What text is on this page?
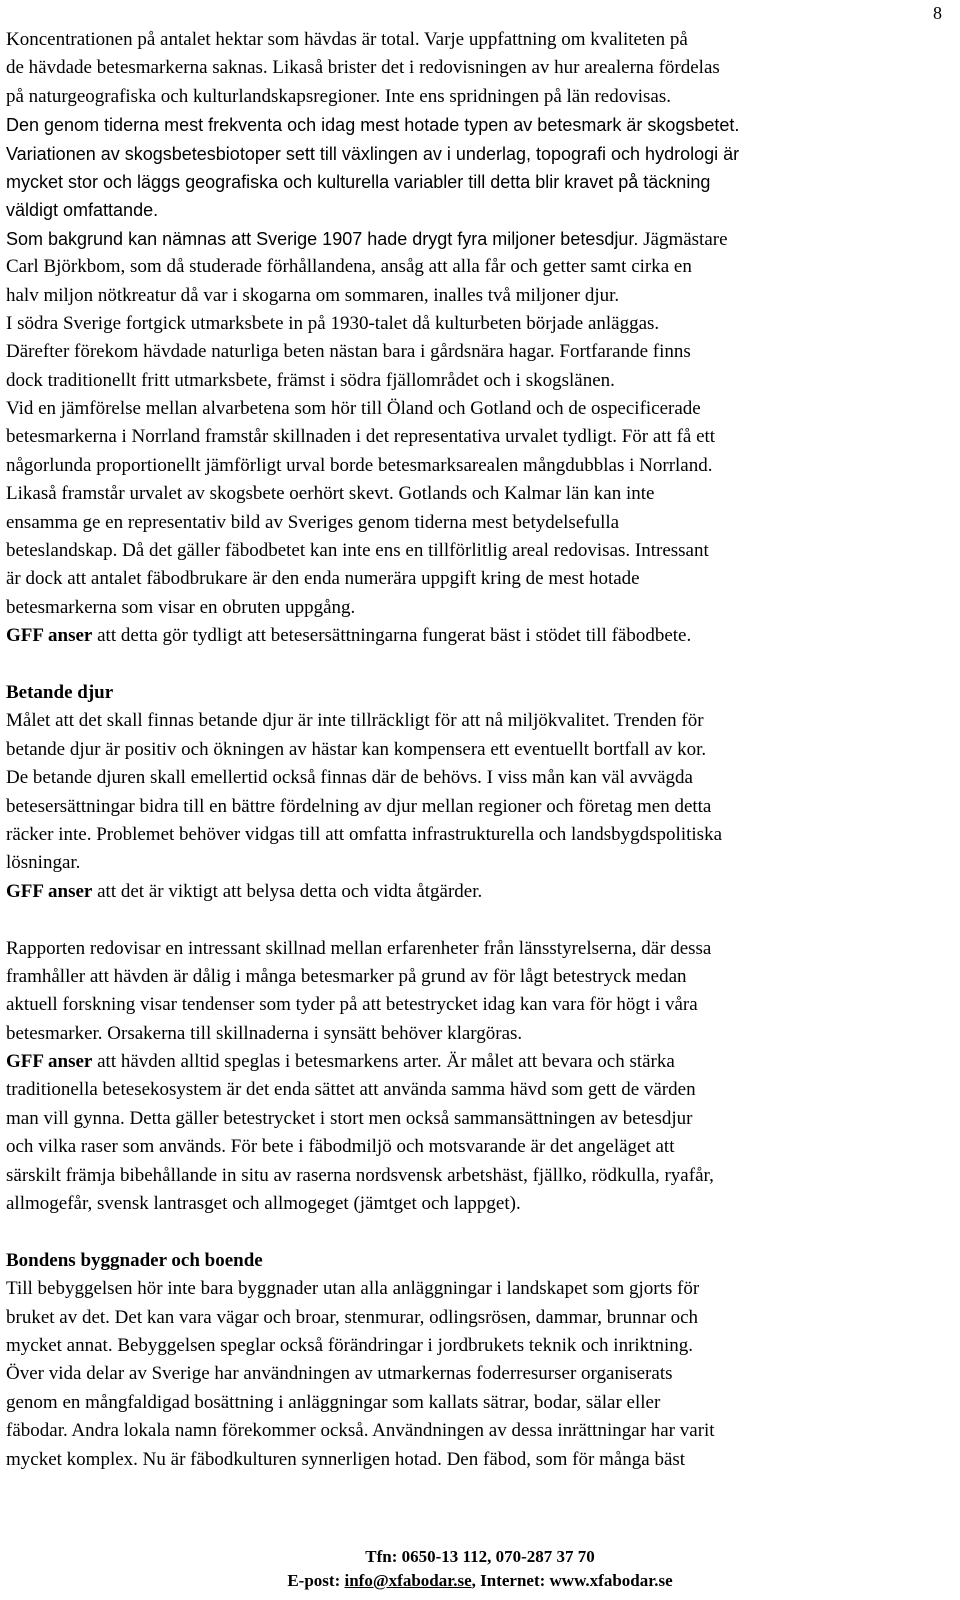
8
Koncentrationen på antalet hektar som hävdas är total. Varje uppfattning om kvaliteten på
de hävdade betesmarkerna saknas. Likaså brister det i redovisningen av hur arealerna fördelas
på naturgeografiska och kulturlandskapsregioner. Inte ens spridningen på län redovisas.
Den genom tiderna mest frekventa och idag mest hotade typen av betesmark är skogsbetet.
Variationen av skogsbetesbiotoper sett till växlingen av i underlag, topografi och hydrologi är
mycket stor och läggs geografiska och kulturella variabler till detta blir kravet på täckning
väldigt omfattande.
Som bakgrund kan nämnas att Sverige 1907 hade drygt fyra miljoner betesdjur. Jägmästare
Carl Björkbom, som då studerade förhållandena, ansåg att alla får och getter samt cirka en
halv miljon nötkreatur då var i skogarna om sommaren, inalles två miljoner djur.
I södra Sverige fortgick utmarksbete in på 1930-talet då kulturbeten började anläggas.
Därefter förekom hävdade naturliga beten nästan bara i gårdsnära hagar. Fortfarande finns
dock traditionellt fritt utmarksbete, främst i södra fjällområdet och i skogslänen.
Vid en jämförelse mellan alvarbetena som hör till Öland och Gotland och de ospecificerade
betesmarkerna i Norrland framstår skillnaden i det representativa urvalet tydligt. För att få ett
någorlunda proportionellt jämförligt urval borde betesmarksarealen mångdubblas i Norrland.
Likaså framstår urvalet av skogsbete oerhört skevt. Gotlands och Kalmar län kan inte
ensamma ge en representativ bild av Sveriges genom tiderna mest betydelsefulla
beteslandskap. Då det gäller fäbodbetet kan inte ens en tillförlitlig areal redovisas. Intressant
är dock att antalet fäbodbrukare är den enda numerära uppgift kring de mest hotade
betesmarkerna som visar en obruten uppgång.
GFF anser att detta gör tydligt att betesersättningarna fungerat bäst i stödet till fäbodbete.
Betande djur
Målet att det skall finnas betande djur är inte tillräckligt för att nå miljökvalitet. Trenden för
betande djur är positiv och ökningen av hästar kan kompensera ett eventuellt bortfall av kor.
De betande djuren skall emellertid också finnas där de behövs. I viss mån kan väl avvägda
betesersättningar bidra till en bättre fördelning av djur mellan regioner och företag men detta
räcker inte. Problemet behöver vidgas till att omfatta infrastrukturella och landsbygdspolitiska
lösningar.
GFF anser att det är viktigt att belysa detta och vidta åtgärder.
Rapporten redovisar en intressant skillnad mellan erfarenheter från länsstyrelserna, där dessa
framhåller att hävden är dålig i många betesmarker på grund av för lågt betestryck medan
aktuell forskning visar tendenser som tyder på att betestrycket idag kan vara för högt i våra
betesmarker. Orsakerna till skillnaderna i synsätt behöver klargöras.
GFF anser att hävden alltid speglas i betesmarkens arter. Är målet att bevara och stärka
traditionella betesekosystem är det enda sättet att använda samma hävd som gett de värden
man vill gynna. Detta gäller betestrycket i stort men också sammansättningen av betesdjur
och vilka raser som används. För bete i fäbodmiljö och motsvarande är det angeläget att
särskilt främja bibehållande in situ av raserna nordsvensk arbetshäst, fjällko, rödkulla, ryafår,
allmogefår, svensk lantrasget och allmogeget (jämtget och lappget).
Bondens byggnader och boende
Till bebyggelsen hör inte bara byggnader utan alla anläggningar i landskapet som gjorts för
bruket av det. Det kan vara vägar och broar, stenmurar, odlingsrösen, dammar, brunnar och
mycket annat. Bebyggelsen speglar också förändringar i jordbrukets teknik och inriktning.
Över vida delar av Sverige har användningen av utmarkernas foderresurser organiserats
genom en mångfaldigad bosättning i anläggningar som kallats sätrar, bodar, sälar eller
fäbodar. Andra lokala namn förekommer också. Användningen av dessa inrättningar har varit
mycket komplex. Nu är fäbodkulturen synnerligen hotad. Den fäbod, som för många bäst
Tfn: 0650-13 112, 070-287 37 70
E-post: info@xfabodar.se, Internet: www.xfabodar.se
